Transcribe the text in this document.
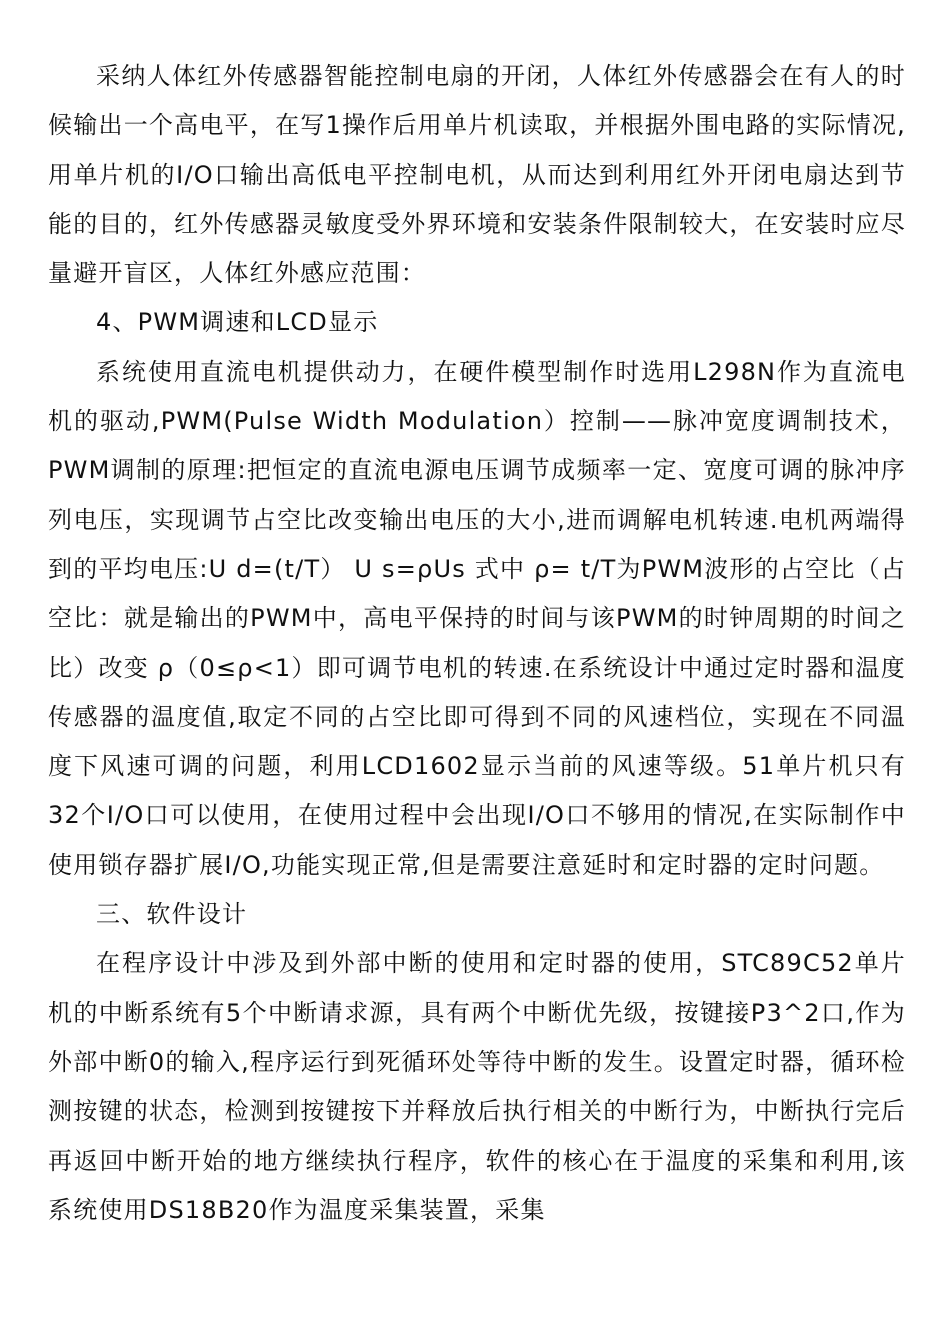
采纳人体红外传感器智能控制电扇的开闭，人体红外传感器会在有人的时候输出一个高电平，在写1操作后用单片机读取，并根据外围电路的实际情况,用单片机的I/O口输出高低电平控制电机，从而达到利用红外开闭电扇达到节能的目的，红外传感器灵敏度受外界环境和安装条件限制较大，在安装时应尽量避开盲区，人体红外感应范围：

4、PWM调速和LCD显示

系统使用直流电机提供动力，在硬件模型制作时选用L298N作为直流电机的驱动,PWM(Pulse Width Modulation）控制——脉冲宽度调制技术，PWM调制的原理:把恒定的直流电源电压调节成频率一定、宽度可调的脉冲序列电压，实现调节占空比改变输出电压的大小,进而调解电机转速.电机两端得到的平均电压:U d=(t/T） U s=ρUs 式中 ρ= t/T为PWM波形的占空比（占空比：就是输出的PWM中，高电平保持的时间与该PWM的时钟周期的时间之比）改变 ρ（0≤ρ<1）即可调节电机的转速.在系统设计中通过定时器和温度传感器的温度值,取定不同的占空比即可得到不同的风速档位，实现在不同温度下风速可调的问题，利用LCD1602显示当前的风速等级。51单片机只有32个I/O口可以使用，在使用过程中会出现I/O口不够用的情况,在实际制作中使用锁存器扩展I/O,功能实现正常,但是需要注意延时和定时器的定时问题。

三、软件设计

在程序设计中涉及到外部中断的使用和定时器的使用，STC89C52单片机的中断系统有5个中断请求源，具有两个中断优先级，按键接P3^2口,作为外部中断0的输入,程序运行到死循环处等待中断的发生。设置定时器，循环检测按键的状态，检测到按键按下并释放后执行相关的中断行为，中断执行完后再返回中断开始的地方继续执行程序，软件的核心在于温度的采集和利用,该系统使用DS18B20作为温度采集装置，采集
